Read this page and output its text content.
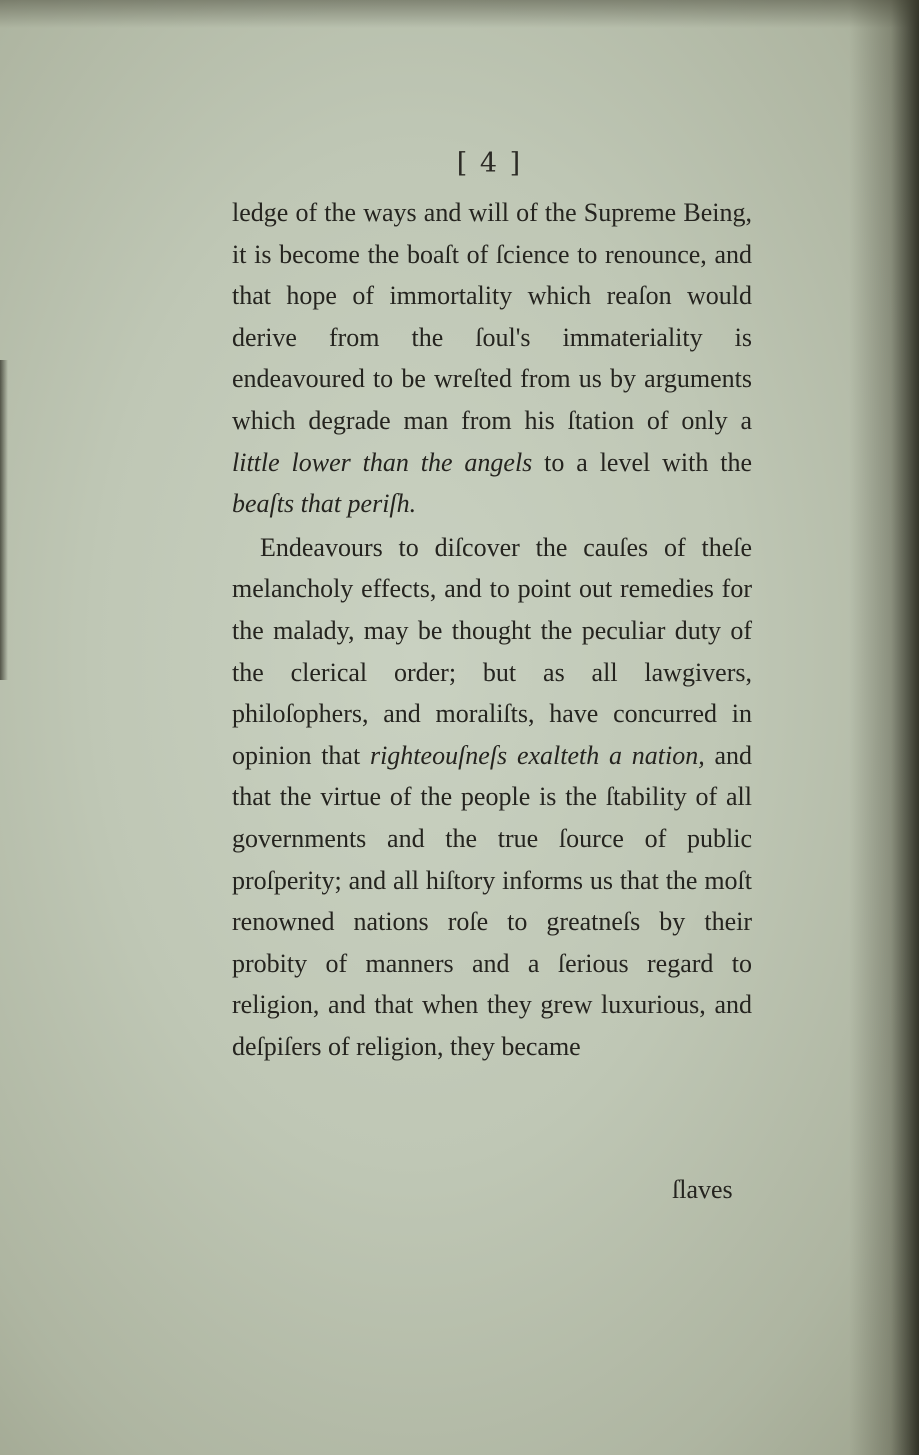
[ 4 ]

ledge of the ways and will of the Supreme Being, it is become the boaſt of ſcience to renounce, and that hope of immortality which reaſon would derive from the ſoul's immateriality is endeavoured to be wreſted from us by arguments which degrade man from his ſtation of only a little lower than the angels to a level with the beaſts that periſh.

Endeavours to diſcover the cauſes of theſe melancholy effects, and to point out remedies for the malady, may be thought the peculiar duty of the clerical order; but as all lawgivers, philoſophers, and moraliſts, have concurred in opinion that righteouſneſs exalteth a nation, and that the virtue of the people is the ſtability of all governments and the true ſource of public proſperity; and all hiſtory informs us that the moſt renowned nations roſe to greatneſs by their probity of manners and a ſerious regard to religion, and that when they grew luxurious, and deſpiſers of religion, they became

ſlaves
